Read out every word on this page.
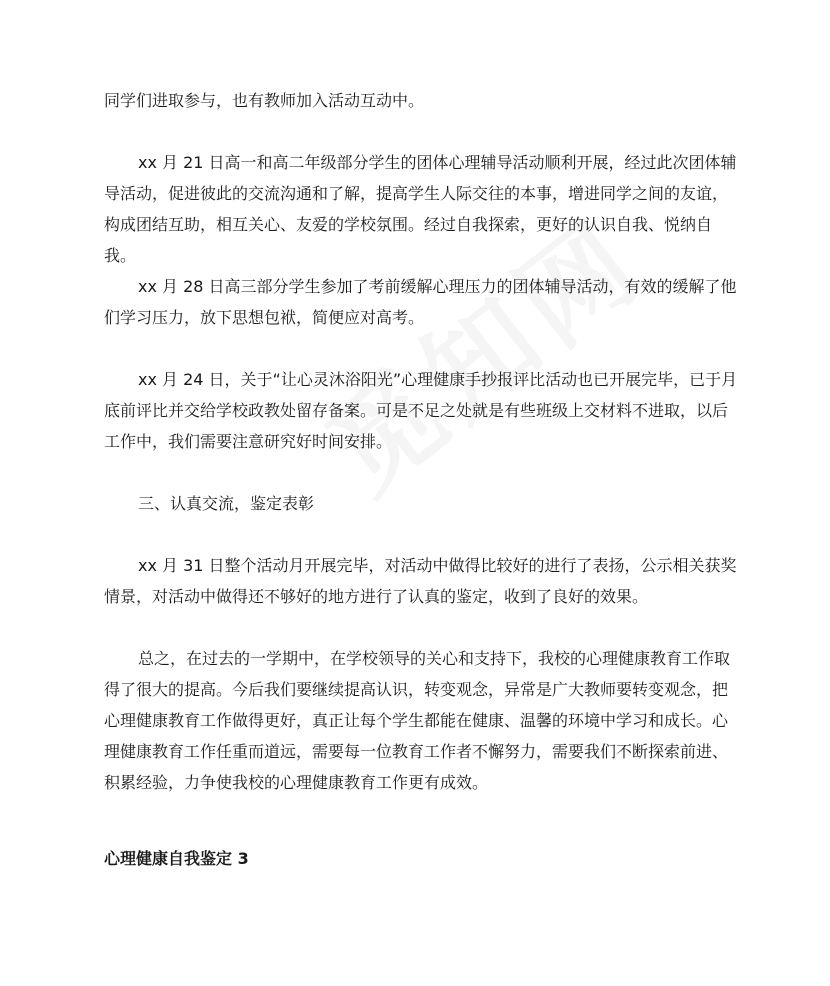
同学们进取参与，也有教师加入活动互动中。

xx 月 21 日高一和高二年级部分学生的团体心理辅导活动顺利开展，经过此次团体辅导活动，促进彼此的交流沟通和了解，提高学生人际交往的本事，增进同学之间的友谊，构成团结互助，相互关心、友爱的学校氛围。经过自我探索，更好的认识自我、悦纳自我。

xx 月 28 日高三部分学生参加了考前缓解心理压力的团体辅导活动，有效的缓解了他们学习压力，放下思想包袱，简便应对高考。

xx 月 24 日，关于“让心灵沐浴阳光”心理健康手抄报评比活动也已开展完毕，已于月底前评比并交给学校政教处留存备案。可是不足之处就是有些班级上交材料不进取，以后工作中，我们需要注意研究好时间安排。

三、认真交流，鉴定表彰

xx 月 31 日整个活动月开展完毕，对活动中做得比较好的进行了表扬，公示相关获奖情景，对活动中做得还不够好的地方进行了认真的鉴定，收到了良好的效果。

总之，在过去的一学期中，在学校领导的关心和支持下，我校的心理健康教育工作取得了很大的提高。今后我们要继续提高认识，转变观念，异常是广大教师要转变观念，把心理健康教育工作做得更好，真正让每个学生都能在健康、温馨的环境中学习和成长。心理健康教育工作任重而道远，需要每一位教育工作者不懈努力，需要我们不断探索前进、积累经验，力争使我校的心理健康教育工作更有成效。

心理健康自我鉴定 3
